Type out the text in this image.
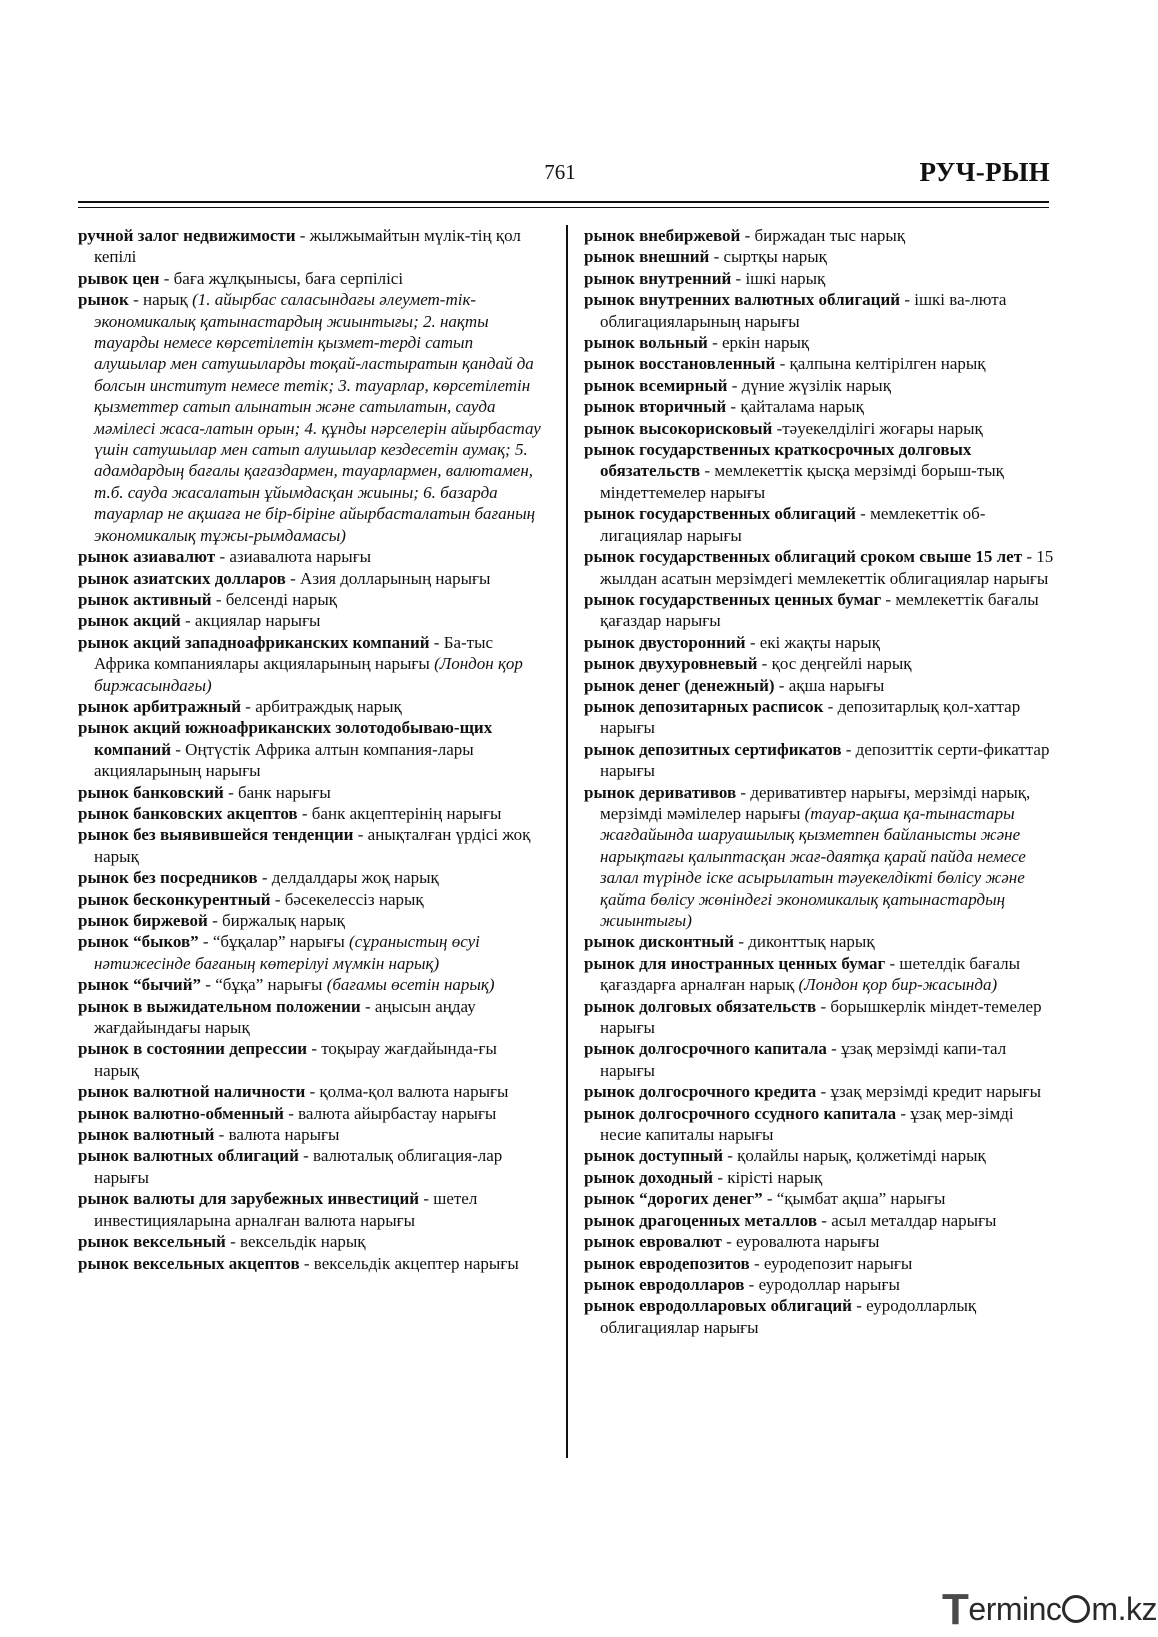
761	РУЧ-РЫН

ручной залог недвижимости - жылжымайтын мүлік-тің қол кепілі

рывок цен - баға жұлқынысы, баға серпілісі

рынок - нарық (1. айырбас саласындағы әлеумет-тік-экономикалық қатынастардың жиынтығы; 2. нақты тауарды немесе көрсетілетін қызмет-терді сатып алушылар мен сатушыларды тоқай-ластыратын қандай да болсын институт немесе тетік; 3. тауарлар, көрсетілетін қызметтер сатып алынатын және сатылатын, сауда мәмілесі жаса-латын орын; 4. құнды нәрселерін айырбастау үшін сатушылар мен сатып алушылар кездесетін аумақ; 5. адамдардың бағалы қағаздармен, тауарлармен, валютамен, т.б. сауда жасалатын ұйымдасқан жиыны; 6. базарда тауарлар не ақшаға не бір-біріне айырбасталатын бағаның экономикалық тұжы-рымдамасы)

рынок азиавалют - азиавалюта нарығы

рынок азиатских долларов - Азия долларының нарығы

рынок активный - белсенді нарық

рынок акций - акциялар нарығы

рынок акций западноафриканских компаний - Ба-тыс Африка компаниялары акцияларының нарығы (Лондон қор биржасындағы)

рынок арбитражный - арбитраждық нарық

рынок акций южноафриканских золотодобываю-щих компаний - Оңтүстік Африка алтын компания-лары акцияларының нарығы

рынок банковский - банк нарығы

рынок банковских акцептов - банк акцептерінің нарығы

рынок без выявившейся тенденции - анықталған үрдісі жоқ нарық

рынок без посредников - делдалдары жоқ нарық

рынок бесконкурентный - бәсекелессіз нарық

рынок биржевой - биржалық нарық

рынок “быков” - “бұқалар” нарығы (сұраныстың өсуі нәтижесінде бағаның көтерілуі мүмкін нарық)

рынок “бычий” - “бұқа” нарығы (бағамы өсетін нарық)

рынок в выжидательном положении - аңысын аңдау жағдайындағы нарық

рынок в состоянии депрессии - тоқырау жағдайында-ғы нарық

рынок валютной наличности - қолма-қол валюта нарығы

рынок валютно-обменный - валюта айырбастау нарығы

рынок валютный - валюта нарығы

рынок валютных облигаций - валюталық облигация-лар нарығы

рынок валюты для зарубежных инвестиций - шетел инвестицияларына арналған валюта нарығы

рынок вексельный - вексельдік нарық

рынок вексельных акцептов - вексельдік акцептер нарығы

рынок внебиржевой - биржадан тыс нарық

рынок внешний - сыртқы нарық

рынок внутренний - ішкі нарық

рынок внутренних валютных облигаций - ішкі ва-люта облигацияларының нарығы

рынок вольный - еркін нарық

рынок восстановленный - қалпына келтірілген нарық

рынок всемирный - дүние жүзілік нарық

рынок вторичный - қайталама нарық

рынок высокорисковый -тәуекелділігі жоғары нарық

рынок государственных краткосрочных долговых обязательств - мемлекеттік қысқа мерзімді борыш-тық міндеттемелер нарығы

рынок государственных облигаций - мемлекеттік об-лигациялар нарығы

рынок государственных облигаций сроком свыше 15 лет - 15 жылдан асатын мерзімдегі мемлекеттік облигациялар нарығы

рынок государственных ценных бумаг - мемлекеттік бағалы қағаздар нарығы

рынок двусторонний - екі жақты нарық

рынок двухуровневый - қос деңгейлі нарық

рынок денег (денежный) - ақша нарығы

рынок депозитарных расписок - депозитарлық қол-хаттар нарығы

рынок депозитных сертификатов - депозиттік серти-фикаттар нарығы

рынок деривативов - деривативтер нарығы, мерзімді нарық, мерзімді мәмілелер нарығы (тауар-ақша қа-тынастары жағдайында шаруашылық қызметпен байланысты және нарықтағы қалыптасқан жағ-даятқа қарай пайда немесе залал түрінде іске асырылатын тәуекелдікті бөлісу және қайта бөлісу жөніндегі экономикалық қатынастардың жиынтығы)

рынок дисконтный - диконттық нарық

рынок для иностранных ценных бумаг - шетелдік бағалы қағаздарға арналған нарық (Лондон қор бир-жасында)

рынок долговых обязательств - борышкерлік міндет-темелер нарығы

рынок долгосрочного капитала - ұзақ мерзімді капи-тал нарығы

рынок долгосрочного кредита - ұзақ мерзімді кредит нарығы

рынок долгосрочного ссудного капитала - ұзақ мер-зімді несие капиталы нарығы

рынок доступный - қолайлы нарық, қолжетімді нарық

рынок доходный - кірісті нарық

рынок “дорогих денег” - “қымбат ақша” нарығы

рынок драгоценных металлов - асыл металдар нарығы

рынок евровалют - еуровалюта нарығы

рынок евродепозитов - еуродепозит нарығы

рынок евродолларов - еуродоллар нарығы

рынок евродолларовых облигаций - еуродолларлық облигациялар нарығы

Terminc m.kz
